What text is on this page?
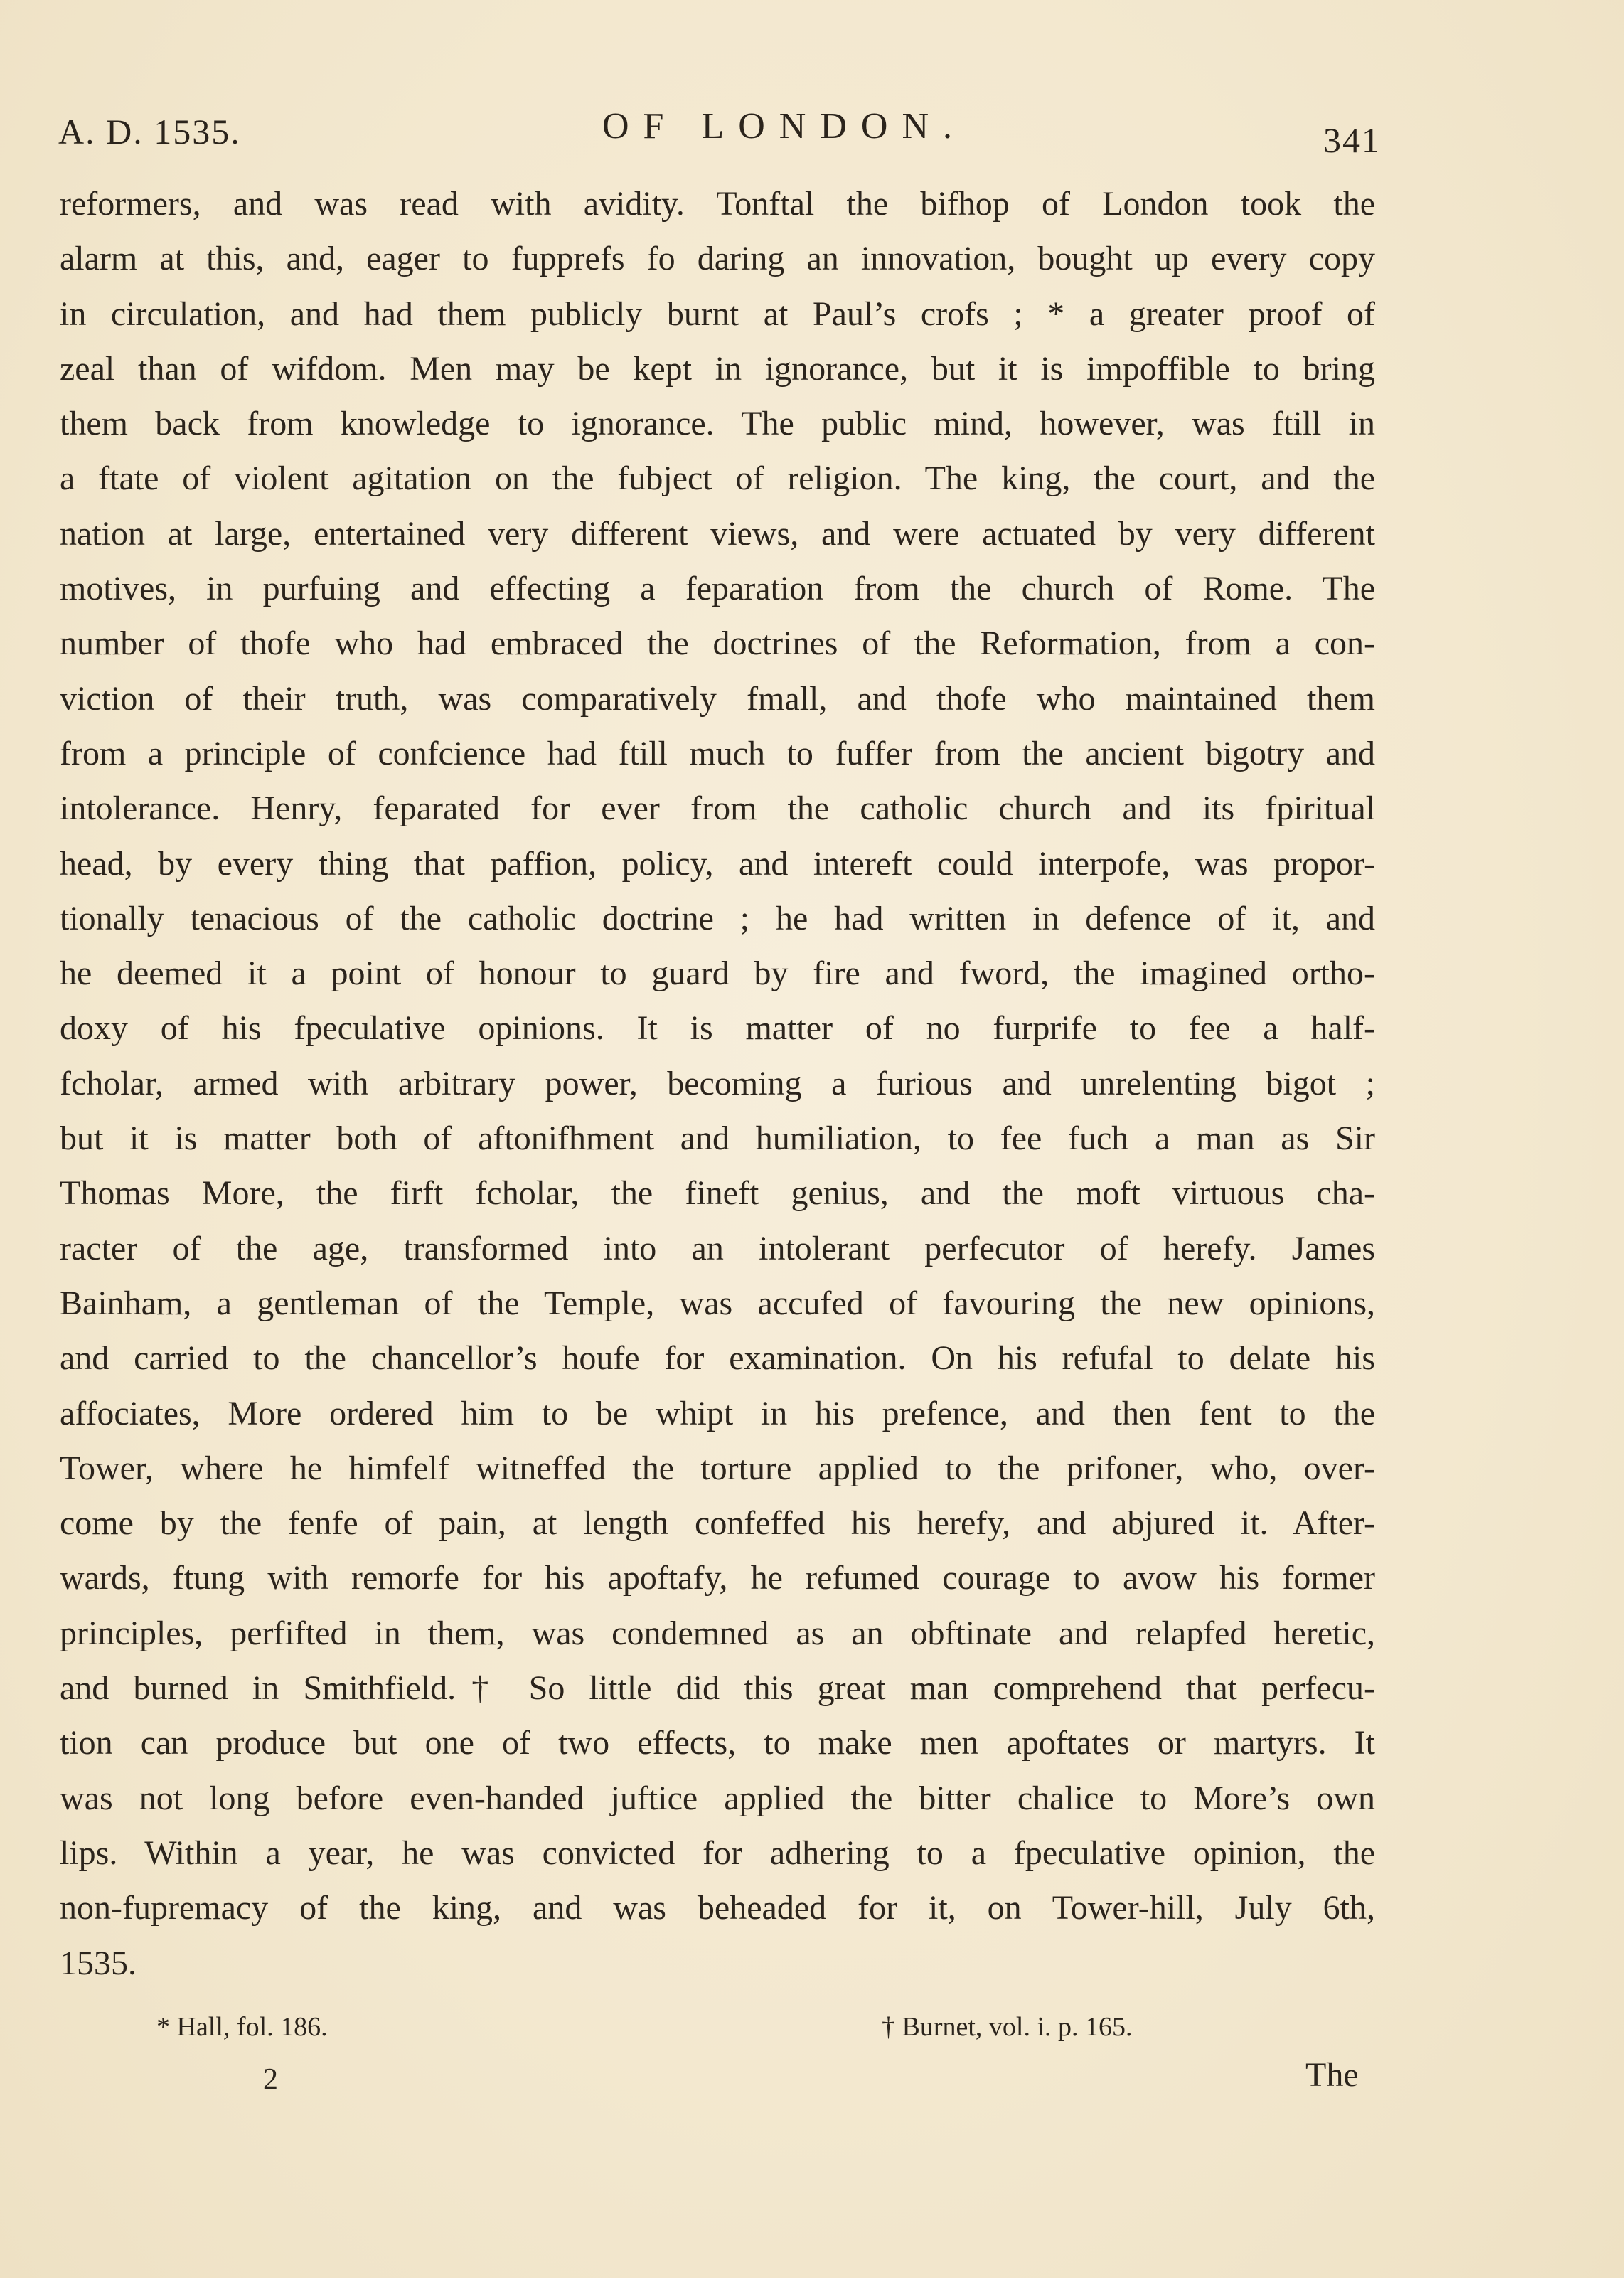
A. D. 1535.	OF LONDON.	341
reformers, and was read with avidity. Tonftal the bifhop of London took the
alarm at this, and, eager to fupprefs fo daring an innovation, bought up every copy
in circulation, and had them publicly burnt at Paul’s crofs ; * a greater proof of
zeal than of wifdom. Men may be kept in ignorance, but it is impoffible to bring
them back from knowledge to ignorance. The public mind, however, was ftill in
a ftate of violent agitation on the fubject of religion. The king, the court, and the
nation at large, entertained very different views, and were actuated by very different
motives, in purfuing and effecting a feparation from the church of Rome. The
number of thofe who had embraced the doctrines of the Reformation, from a con-
viction of their truth, was comparatively fmall, and thofe who maintained them
from a principle of confcience had ftill much to fuffer from the ancient bigotry and
intolerance. Henry, feparated for ever from the catholic church and its fpiritual
head, by every thing that paffion, policy, and intereft could interpofe, was propor-
tionally tenacious of the catholic doctrine ; he had written in defence of it, and
he deemed it a point of honour to guard by fire and fword, the imagined ortho-
doxy of his fpeculative opinions. It is matter of no furprife to fee a half-
fcholar, armed with arbitrary power, becoming a furious and unrelenting bigot ;
but it is matter both of aftonifhment and humiliation, to fee fuch a man as Sir
Thomas More, the firft fcholar, the fineft genius, and the moft virtuous cha-
racter of the age, transformed into an intolerant perfecutor of herefy. James
Bainham, a gentleman of the Temple, was accufed of favouring the new opinions,
and carried to the chancellor’s houfe for examination. On his refufal to delate his
affociates, More ordered him to be whipt in his prefence, and then fent to the
Tower, where he himfelf witneffed the torture applied to the prifoner, who, over-
come by the fenfe of pain, at length confeffed his herefy, and abjured it. After-
wards, ftung with remorfe for his apoftafy, he refumed courage to avow his former
principles, perfifted in them, was condemned as an obftinate and relapfed heretic,
and burned in Smithfield.† So little did this great man comprehend that perfecu-
tion can produce but one of two effects, to make men apoftates or martyrs. It
was not long before even-handed juftice applied the bitter chalice to More’s own
lips. Within a year, he was convicted for adhering to a fpeculative opinion, the
non-fupremacy of the king, and was beheaded for it, on Tower-hill, July 6th,
1535.
* Hall, fol. 186.	† Burnet, vol. i. p. 165.
2	The
